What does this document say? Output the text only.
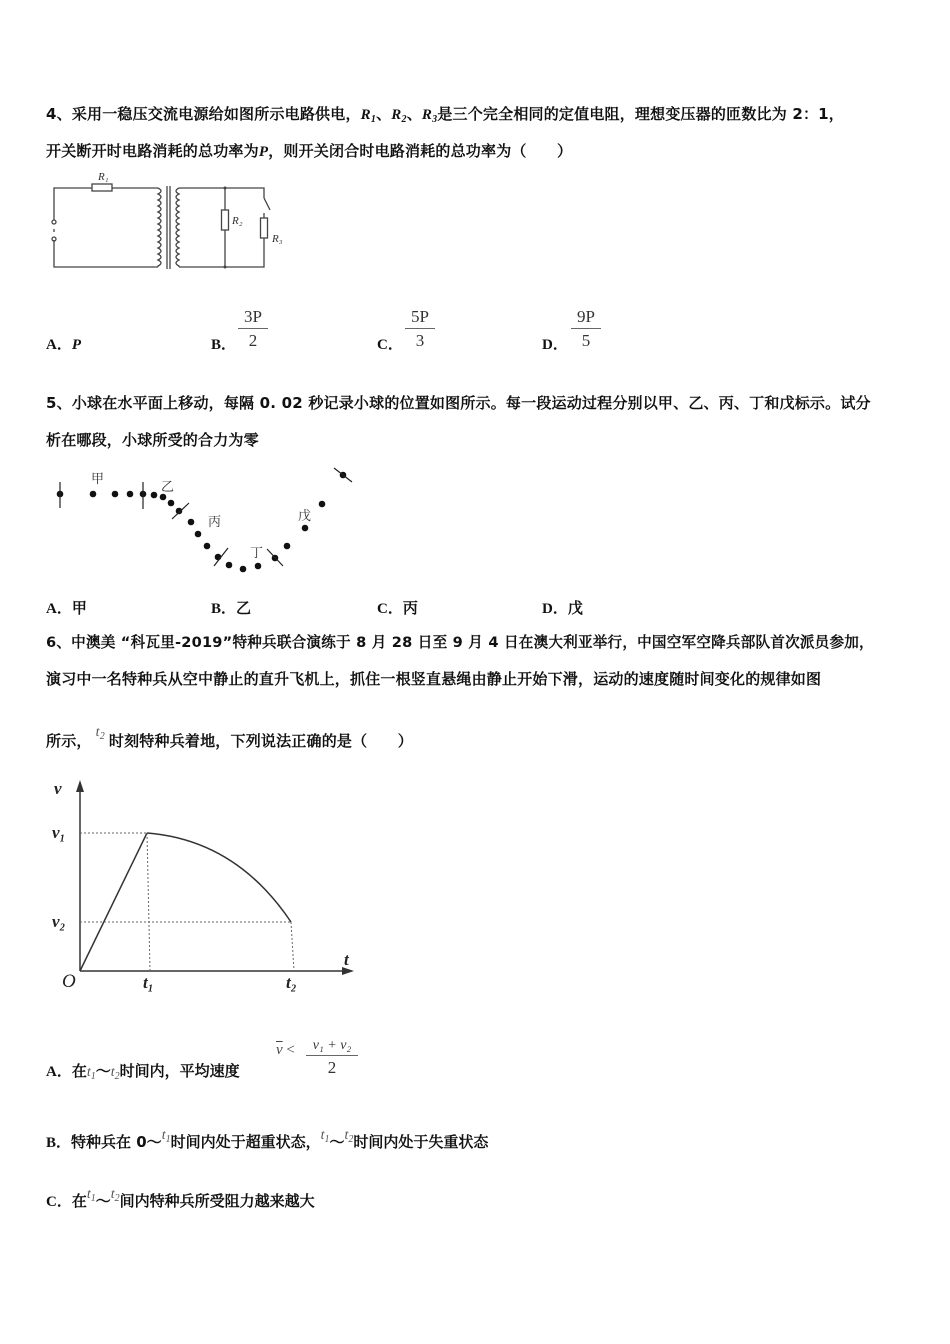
4、采用一稳压交流电源给如图所示电路供电，$R_1$、$R_2$、$R_3$是三个完全相同的定值电阻，理想变压器的匝数比为 2：1，
开关断开时电路消耗的总功率为P，则开关闭合时电路消耗的总功率为（　　）
R₁
R₂
R₃
A．P	B． $\frac{3P}{2}$	C． $\frac{5P}{3}$	D． $\frac{9P}{5}$
5、小球在水平面上移动，每隔 0. 02 秒记录小球的位置如图所示。每一段运动过程分别以甲、乙、丙、丁和戊标示。试分
析在哪段，小球所受的合力为零
甲
乙
丙
丁
戊
A．甲	B．乙	C．丙	D．戊
6、中澳美 “科瓦里-2019”特种兵联合演练于 8 月 28 日至 9 月 4 日在澳大利亚举行，中国空军空降兵部队首次派员参加，
演习中一名特种兵从空中静止的直升飞机上，抓住一根竖直悬绳由静止开始下滑，运动的速度随时间变化的规律如图
所示， $t_2$ 时刻特种兵着地，下列说法正确的是（　　）
v
t
O
v₁
v₂
t₁	t₂
A．在$t_1\sim t_2$时间内，平均速度
$\overline{v}$ <	v₁ + v₂
2
B．特种兵在 $0\sim t_1$时间内处于超重状态，$t_1\sim t_2$时间内处于失重状态
C．在$t_1\sim t_2$间内特种兵所受阻力越来越大
